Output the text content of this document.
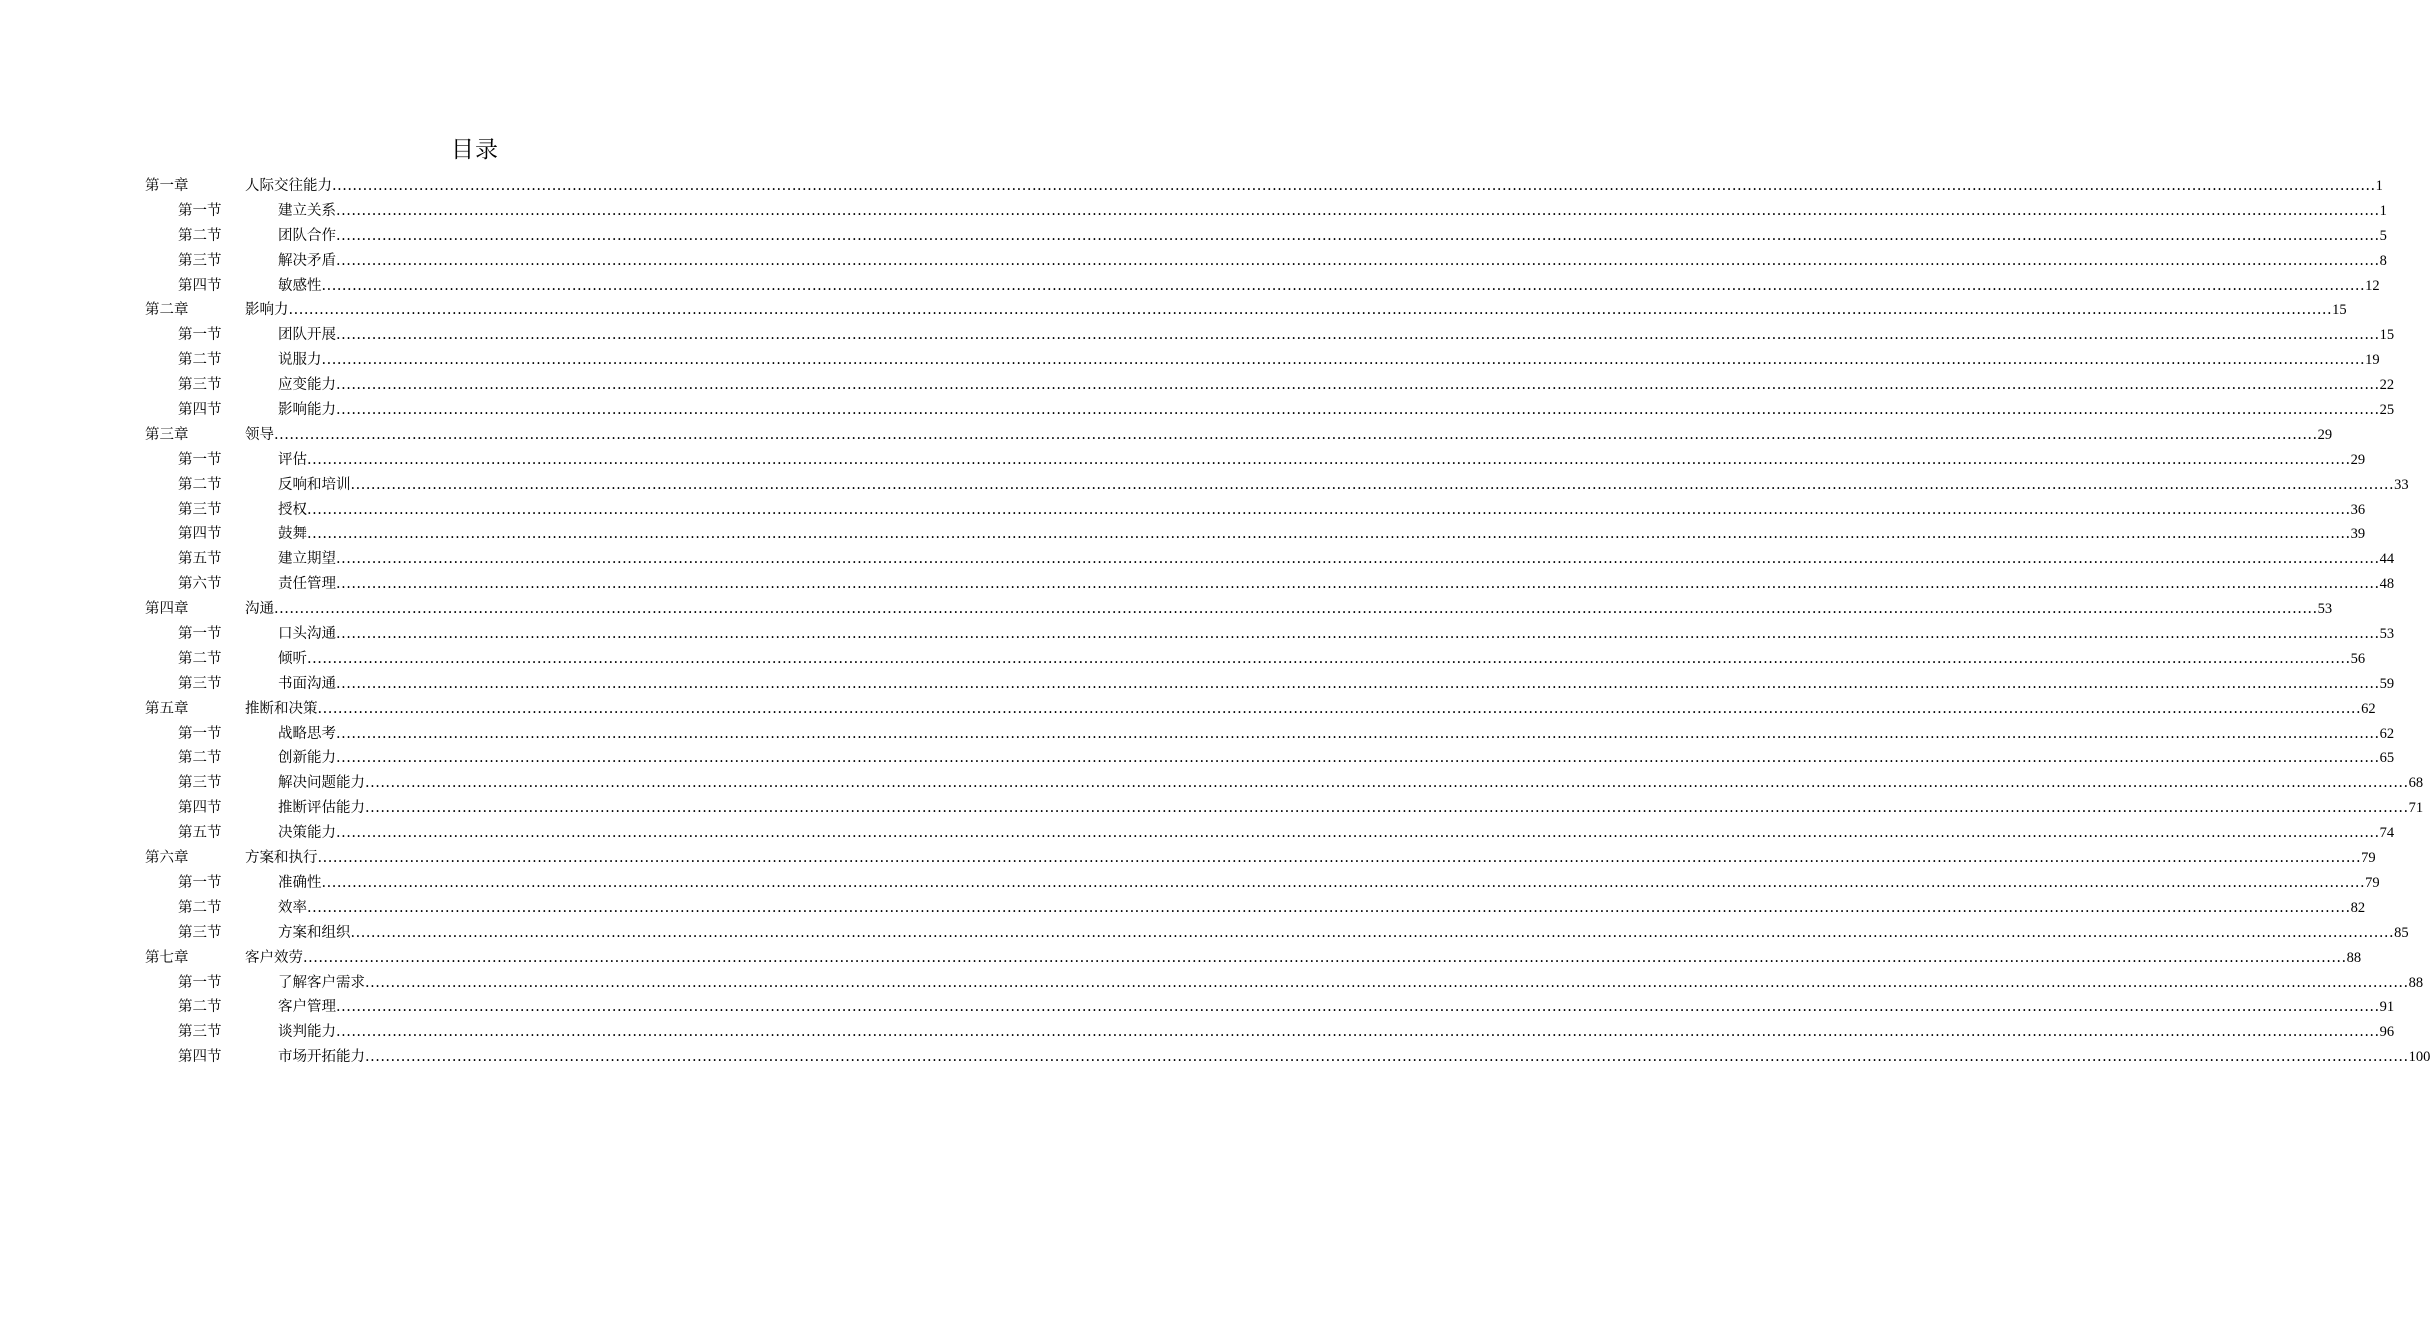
目录
第一章	人际交往能力 ................................................................................................................................................................................................................................................................................................................................................................................................................ 1
第一节	建立关系 ................................................................................................................................................................................................................................................................................................................................................................................................................ 1
第二节	团队合作 ................................................................................................................................................................................................................................................................................................................................................................................................................ 5
第三节	解决矛盾 ................................................................................................................................................................................................................................................................................................................................................................................................................ 8
第四节	敏感性 ................................................................................................................................................................................................................................................................................................................................................................................................................ 12
第二章	影响力 ................................................................................................................................................................................................................................................................................................................................................................................................................ 15
第一节	团队开展 ................................................................................................................................................................................................................................................................................................................................................................................................................ 15
第二节	说服力 ................................................................................................................................................................................................................................................................................................................................................................................................................ 19
第三节	应变能力 ................................................................................................................................................................................................................................................................................................................................................................................................................ 22
第四节	影响能力 ................................................................................................................................................................................................................................................................................................................................................................................................................ 25
第三章	领导 ................................................................................................................................................................................................................................................................................................................................................................................................................ 29
第一节	评估 ................................................................................................................................................................................................................................................................................................................................................................................................................ 29
第二节	反响和培训 ................................................................................................................................................................................................................................................................................................................................................................................................................ 33
第三节	授权 ................................................................................................................................................................................................................................................................................................................................................................................................................ 36
第四节	鼓舞 ................................................................................................................................................................................................................................................................................................................................................................................................................ 39
第五节	建立期望 ................................................................................................................................................................................................................................................................................................................................................................................................................ 44
第六节	责任管理 ................................................................................................................................................................................................................................................................................................................................................................................................................ 48
第四章	沟通 ................................................................................................................................................................................................................................................................................................................................................................................................................ 53
第一节	口头沟通 ................................................................................................................................................................................................................................................................................................................................................................................................................ 53
第二节	倾听 ................................................................................................................................................................................................................................................................................................................................................................................................................ 56
第三节	书面沟通 ................................................................................................................................................................................................................................................................................................................................................................................................................ 59
第五章	推断和决策 ................................................................................................................................................................................................................................................................................................................................................................................................................ 62
第一节	战略思考 ................................................................................................................................................................................................................................................................................................................................................................................................................ 62
第二节	创新能力 ................................................................................................................................................................................................................................................................................................................................................................................................................ 65
第三节	解决问题能力 ................................................................................................................................................................................................................................................................................................................................................................................................................ 68
第四节	推断评估能力 ................................................................................................................................................................................................................................................................................................................................................................................................................ 71
第五节	决策能力 ................................................................................................................................................................................................................................................................................................................................................................................................................ 74
第六章	方案和执行 ................................................................................................................................................................................................................................................................................................................................................................................................................ 79
第一节	准确性 ................................................................................................................................................................................................................................................................................................................................................................................................................ 79
第二节	效率 ................................................................................................................................................................................................................................................................................................................................................................................................................ 82
第三节	方案和组织 ................................................................................................................................................................................................................................................................................................................................................................................................................ 85
第七章	客户效劳 ................................................................................................................................................................................................................................................................................................................................................................................................................ 88
第一节	了解客户需求 ................................................................................................................................................................................................................................................................................................................................................................................................................ 88
第二节	客户管理 ................................................................................................................................................................................................................................................................................................................................................................................................................ 91
第三节	谈判能力 ................................................................................................................................................................................................................................................................................................................................................................................................................ 96
第四节	市场开拓能力 ................................................................................................................................................................................................................................................................................................................................................................................................................ 100
